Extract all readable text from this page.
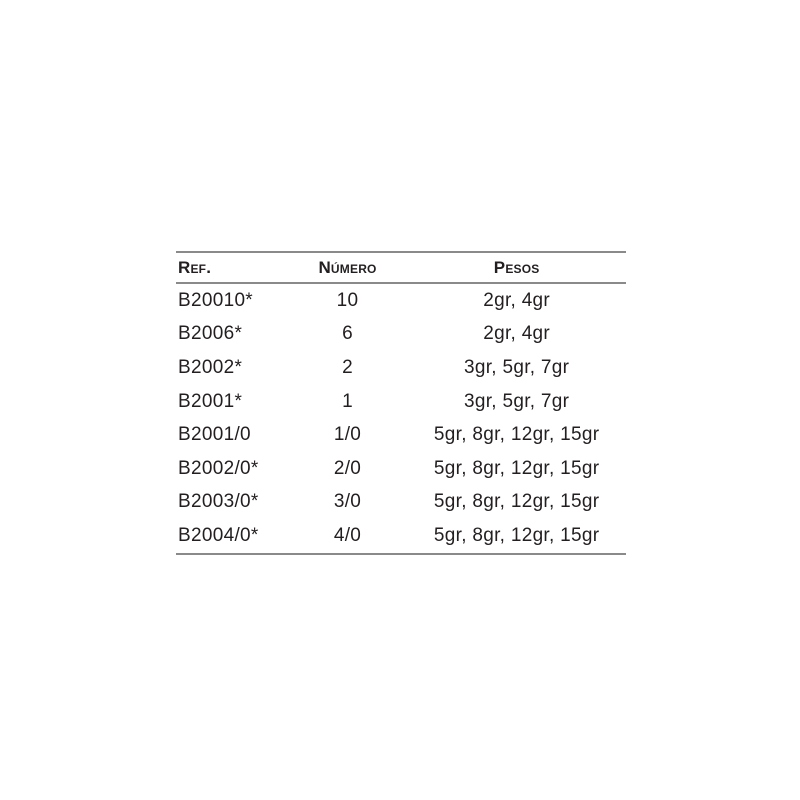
Ref.	Número	Pesos
B20010*	10	2gr, 4gr
B2006*	6	2gr, 4gr
B2002*	2	3gr, 5gr, 7gr
B2001*	1	3gr, 5gr, 7gr
B2001/0	1/0	5gr, 8gr, 12gr, 15gr
B2002/0*	2/0	5gr, 8gr, 12gr, 15gr
B2003/0*	3/0	5gr, 8gr, 12gr, 15gr
B2004/0*	4/0	5gr, 8gr, 12gr, 15gr
